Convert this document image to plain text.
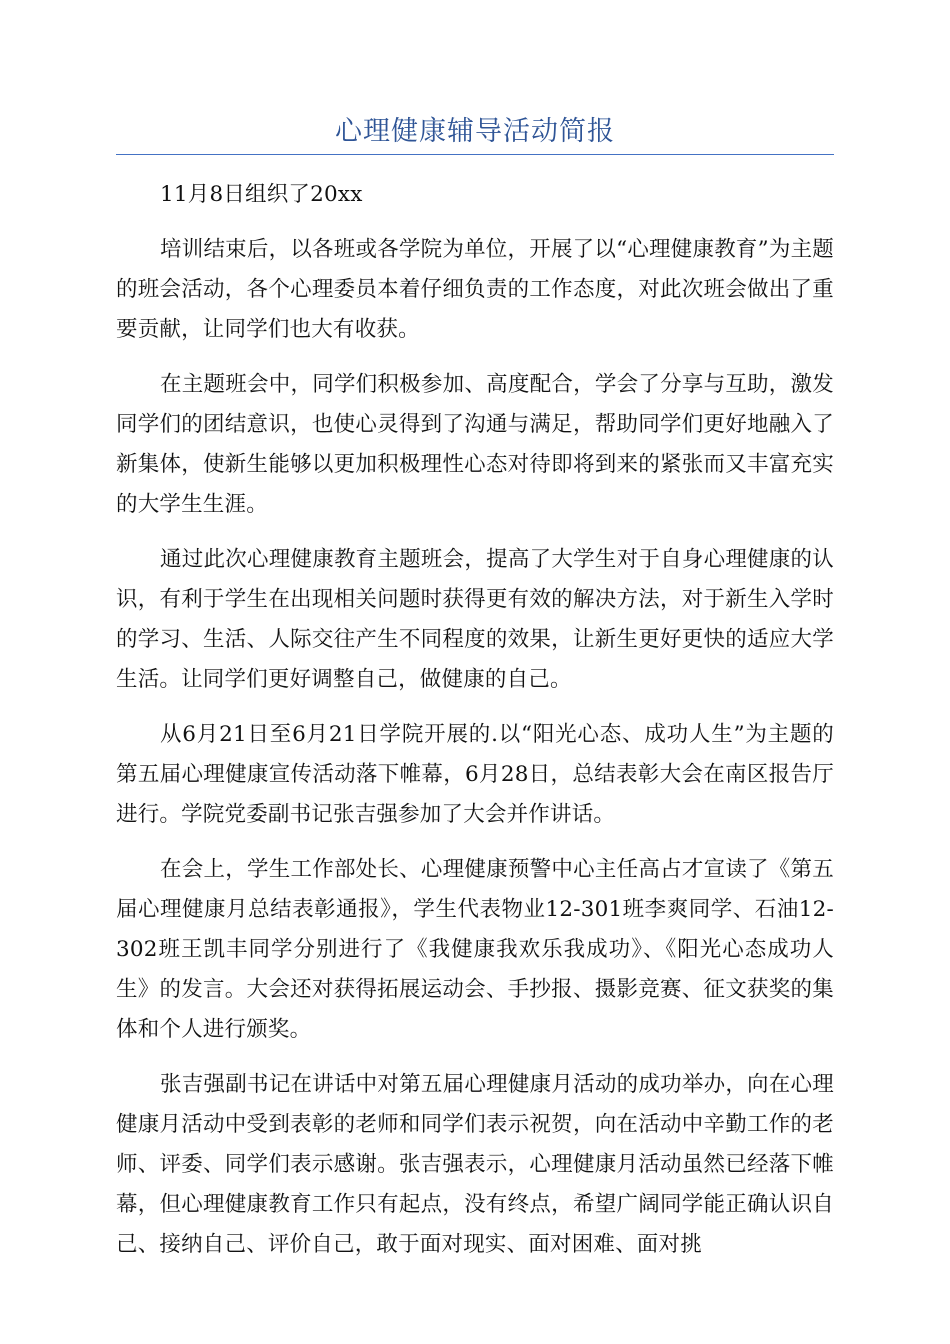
心理健康辅导活动简报

11月8日组织了20xx

培训结束后，以各班或各学院为单位，开展了以“心理健康教育”为主题的班会活动，各个心理委员本着仔细负责的工作态度，对此次班会做出了重要贡献，让同学们也大有收获。

在主题班会中，同学们积极参加、高度配合，学会了分享与互助，激发同学们的团结意识，也使心灵得到了沟通与满足，帮助同学们更好地融入了新集体，使新生能够以更加积极理性心态对待即将到来的紧张而又丰富充实的大学生生涯。

通过此次心理健康教育主题班会，提高了大学生对于自身心理健康的认识，有利于学生在出现相关问题时获得更有效的解决方法，对于新生入学时的学习、生活、人际交往产生不同程度的效果，让新生更好更快的适应大学生活。让同学们更好调整自己，做健康的自己。

从6月21日至6月21日学院开展的.以“阳光心态、成功人生”为主题的第五届心理健康宣传活动落下帷幕，6月28日，总结表彰大会在南区报告厅进行。学院党委副书记张吉强参加了大会并作讲话。

在会上，学生工作部处长、心理健康预警中心主任高占才宣读了《第五届心理健康月总结表彰通报》，学生代表物业12-301班李爽同学、石油12-302班王凯丰同学分别进行了《我健康我欢乐我成功》、《阳光心态成功人生》的发言。大会还对获得拓展运动会、手抄报、摄影竞赛、征文获奖的集体和个人进行颁奖。

张吉强副书记在讲话中对第五届心理健康月活动的成功举办，向在心理健康月活动中受到表彰的老师和同学们表示祝贺，向在活动中辛勤工作的老师、评委、同学们表示感谢。张吉强表示，心理健康月活动虽然已经落下帷幕，但心理健康教育工作只有起点，没有终点，希望广阔同学能正确认识自己、接纳自己、评价自己，敢于面对现实、面对困难、面对挑
